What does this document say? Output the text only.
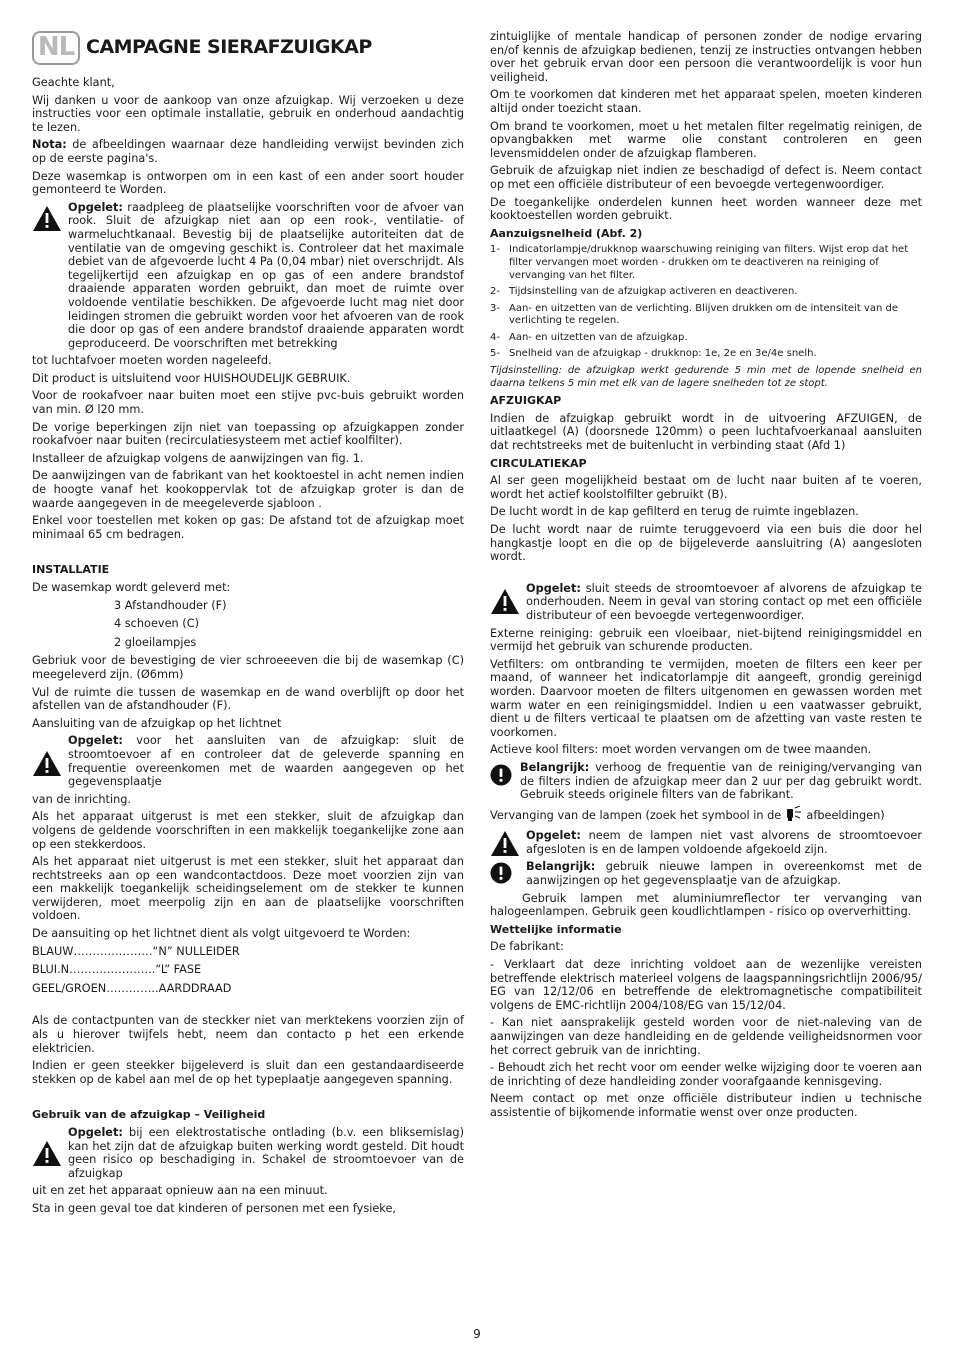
NL CAMPAGNE SIERAFZUIGKAP

Geachte klant,

Wij danken u voor de aankoop van onze afzuigkap. Wij verzoeken u deze instructies voor een optimale installatie, gebruik en onderhoud aandachtig te lezen.

Nota: de afbeeldingen waarnaar deze handleiding verwijst bevinden zich op de eerste pagina's.

Deze wasemkap is ontworpen om in een kast of een ander soort houder gemonteerd te Worden.

Opgelet: raadpleeg de plaatselijke voorschriften voor de afvoer van rook. Sluit de afzuigkap niet aan op een rook-, ventilatie- of warmeluchtkanaal. Bevestig bij de plaatselijke autoriteiten dat de ventilatie van de omgeving geschikt is. Controleer dat het maximale debiet van de afgevoerde lucht 4 Pa (0,04 mbar) niet overschrijdt. Als tegelijkertijd een afzuigkap en op gas of een andere brandstof draaiende apparaten worden gebruikt, dan moet de ruimte over voldoende ventilatie beschikken. De afgevoerde lucht mag niet door leidingen stromen die gebruikt worden voor het afvoeren van de rook die door op gas of een andere brandstof draaiende apparaten wordt geproduceerd. De voorschriften met betrekking

tot luchtafvoer moeten worden nageleefd.

Dit product is uitsluitend voor HUISHOUDELIJK GEBRUIK.

Voor de rookafvoer naar buiten moet een stijve pvc-buis gebruikt worden van min. Ø l20 mm.

De vorige beperkingen zijn niet van toepassing op afzuigkappen zonder rookafvoer naar buiten (recirculatiesysteem met actief koolfilter).

Installeer de afzuigkap volgens de aanwijzingen van fig. 1.

De aanwijzingen van de fabrikant van het kooktoestel in acht nemen indien de hoogte vanaf het kookoppervlak tot de afzuigkap groter is dan de waarde aangegeven in de meegeleverde sjabloon .

Enkel voor toestellen met koken op gas: De afstand tot de afzuigkap moet minimaal 65 cm bedragen.

INSTALLATIE

De wasemkap wordt geleverd met:

3 Afstandhouder (F)
4 schoeven (C)
2 gloeilampjes

Gebriuk voor de bevestiging de vier schroeeeven die bij de wasemkap (C) meegeleverd zijn. (Ø6mm)

Vul de ruimte die tussen de wasemkap en de wand overblijft op door het afstellen van de afstandhouder (F).

Aansluiting van de afzuigkap op het lichtnet

Opgelet: voor het aansluiten van de afzuigkap: sluit de stroomtoevoer af en controleer dat de geleverde spanning en frequentie overeenkomen met de waarden aangegeven op het gegevensplaatje

van de inrichting.

Als het apparaat uitgerust is met een stekker, sluit de afzuigkap dan volgens de geldende voorschriften in een makkelijk toegankelijke zone aan op een stekkerdoos.

Als het apparaat niet uitgerust is met een stekker, sluit het apparaat dan rechtstreeks aan op een wandcontactdoos. Deze moet voorzien zijn van een makkelijk toegankelijk scheidingselement om de stekker te kunnen verwijderen, moet meerpolig zijn en aan de plaatselijke voorschriften voldoen.

De aansuiting op het lichtnet dient als volgt uitgevoerd te Worden:

BLAUW…………………“N” NULLEIDER
BLUI.N…………………..“L” FASE
GEEL/GROEN…………..AARDDRAAD

Als de contactpunten van de steckker niet van merktekens voorzien zijn of als u hierover twijfels hebt, neem dan contacto p het een erkende elektricien.

Indien er geen steekker bijgeleverd is sluit dan een gestandaardiseerde stekken op de kabel aan mel de op het typeplaatje aangegeven spanning.

Gebruik van de afzuigkap – Veiligheid
Opgelet: bij een elektrostatische ontlading (b.v. een bliksemislag) kan het zijn dat de afzuigkap buiten werking wordt gesteld. Dit houdt geen risico op beschadiging in. Schakel de stroomtoevoer van de afzuigkap

uit en zet het apparaat opnieuw aan na een minuut.

Sta in geen geval toe dat kinderen of personen met een fysieke,

zintuiglijke of mentale handicap of personen zonder de nodige ervaring en/of kennis de afzuigkap bedienen, tenzij ze instructies ontvangen hebben over het gebruik ervan door een persoon die verantwoordelijk is voor hun veiligheid.

Om te voorkomen dat kinderen met het apparaat spelen, moeten kinderen altijd onder toezicht staan.

Om brand te voorkomen, moet u het metalen filter regelmatig reinigen, de opvangbakken met warme olie constant controleren en geen levensmiddelen onder de afzuigkap flamberen.

Gebruik de afzuigkap niet indien ze beschadigd of defect is. Neem contact op met een officiële distributeur of een bevoegde vertegenwoordiger.

De toegankelijke onderdelen kunnen heet worden wanneer deze met kooktoestellen worden gebruikt.

Aanzuigsnelheid (Abf. 2)
1- Indicatorlampje/drukknop waarschuwing reiniging van filters. Wijst erop dat het filter vervangen moet worden - drukken om te deactiveren na reiniging of vervanging van het filter.
2- Tijdsinstelling van de afzuigkap activeren en deactiveren.
3- Aan- en uitzetten van de verlichting. Blijven drukken om de intensiteit van de verlichting te regelen.
4- Aan- en uitzetten van de afzuigkap.
5- Snelheid van de afzuigkap - drukknop: 1e, 2e en 3e/4e snelh.

Tijdsinstelling: de afzuigkap werkt gedurende 5 min met de lopende snelheid en daarna telkens 5 min met elk van de lagere snelheden tot ze stopt.

AFZUIGKAP

Indien de afzuigkap gebruikt wordt in de uitvoering AFZUIGEN, de uitlaatkegel (A) (doorsnede 120mm) o peen luchtafvoerkanaal aansluiten dat rechtstreeks met de buitenlucht in verbinding staat (Afd 1)

CIRCULATIEKAP

Al ser geen mogelijkheid bestaat om de lucht naar buiten af te voeren, wordt het actief koolstolfilter gebruikt (B).

De lucht wordt in de kap gefilterd en terug de ruimte ingeblazen.

De lucht wordt naar de ruimte teruggevoerd via een buis die door hel hangkastje loopt en die op de bijgeleverde aansluitring (A) aangesloten wordt.

Opgelet: sluit steeds de stroomtoevoer af alvorens de afzuigkap te onderhouden. Neem in geval van storing contact op met een officiële distributeur of een bevoegde vertegenwoordiger.

Externe reiniging: gebruik een vloeibaar, niet-bijtend reinigingsmiddel en vermijd het gebruik van schurende producten.

Vetfilters: om ontbranding te vermijden, moeten de filters een keer per maand, of wanneer het indicatorlampje dit aangeeft, grondig gereinigd worden. Daarvoor moeten de filters uitgenomen en gewassen worden met warm water en een reinigingsmiddel. Indien u een vaatwasser gebruikt, dient u de filters verticaal te plaatsen om de afzetting van vaste resten te voorkomen.

Actieve kool filters: moet worden vervangen om de twee maanden.

Belangrijk: verhoog de frequentie van de reiniging/vervanging van de filters indien de afzuigkap meer dan 2 uur per dag gebruikt wordt. Gebruik steeds originele filters van de fabrikant.

Vervanging van de lampen (zoek het symbool in de  afbeeldingen)

Opgelet: neem de lampen niet vast alvorens de stroomtoevoer afgesloten is en de lampen voldoende afgekoeld zijn.
Belangrijk: gebruik nieuwe lampen in overeenkomst met de aanwijzingen op het gegevensplaatje van de afzuigkap.

Gebruik lampen met aluminiumreflector ter vervanging van halogeenlampen. Gebruik geen koudlichtlampen - risico op oververhitting.

Wettelijke informatie

De fabrikant:

- Verklaart dat deze inrichting voldoet aan de wezenlijke vereisten betreffende elektrisch materieel volgens de laagspanningsrichtlijn 2006/95/ EG van 12/12/06 en betreffende de elektromagnetische compatibiliteit volgens de EMC-richtlijn 2004/108/EG van 15/12/04.

- Kan niet aansprakelijk gesteld worden voor de niet-naleving van de aanwijzingen van deze handleiding en de geldende veiligheidsnormen voor het correct gebruik van de inrichting.

- Behoudt zich het recht voor om eender welke wijziging door te voeren aan de inrichting of deze handleiding zonder voorafgaande kennisgeving.

Neem contact op met onze officiële distributeur indien u technische assistentie of bijkomende informatie wenst over onze producten.

9
